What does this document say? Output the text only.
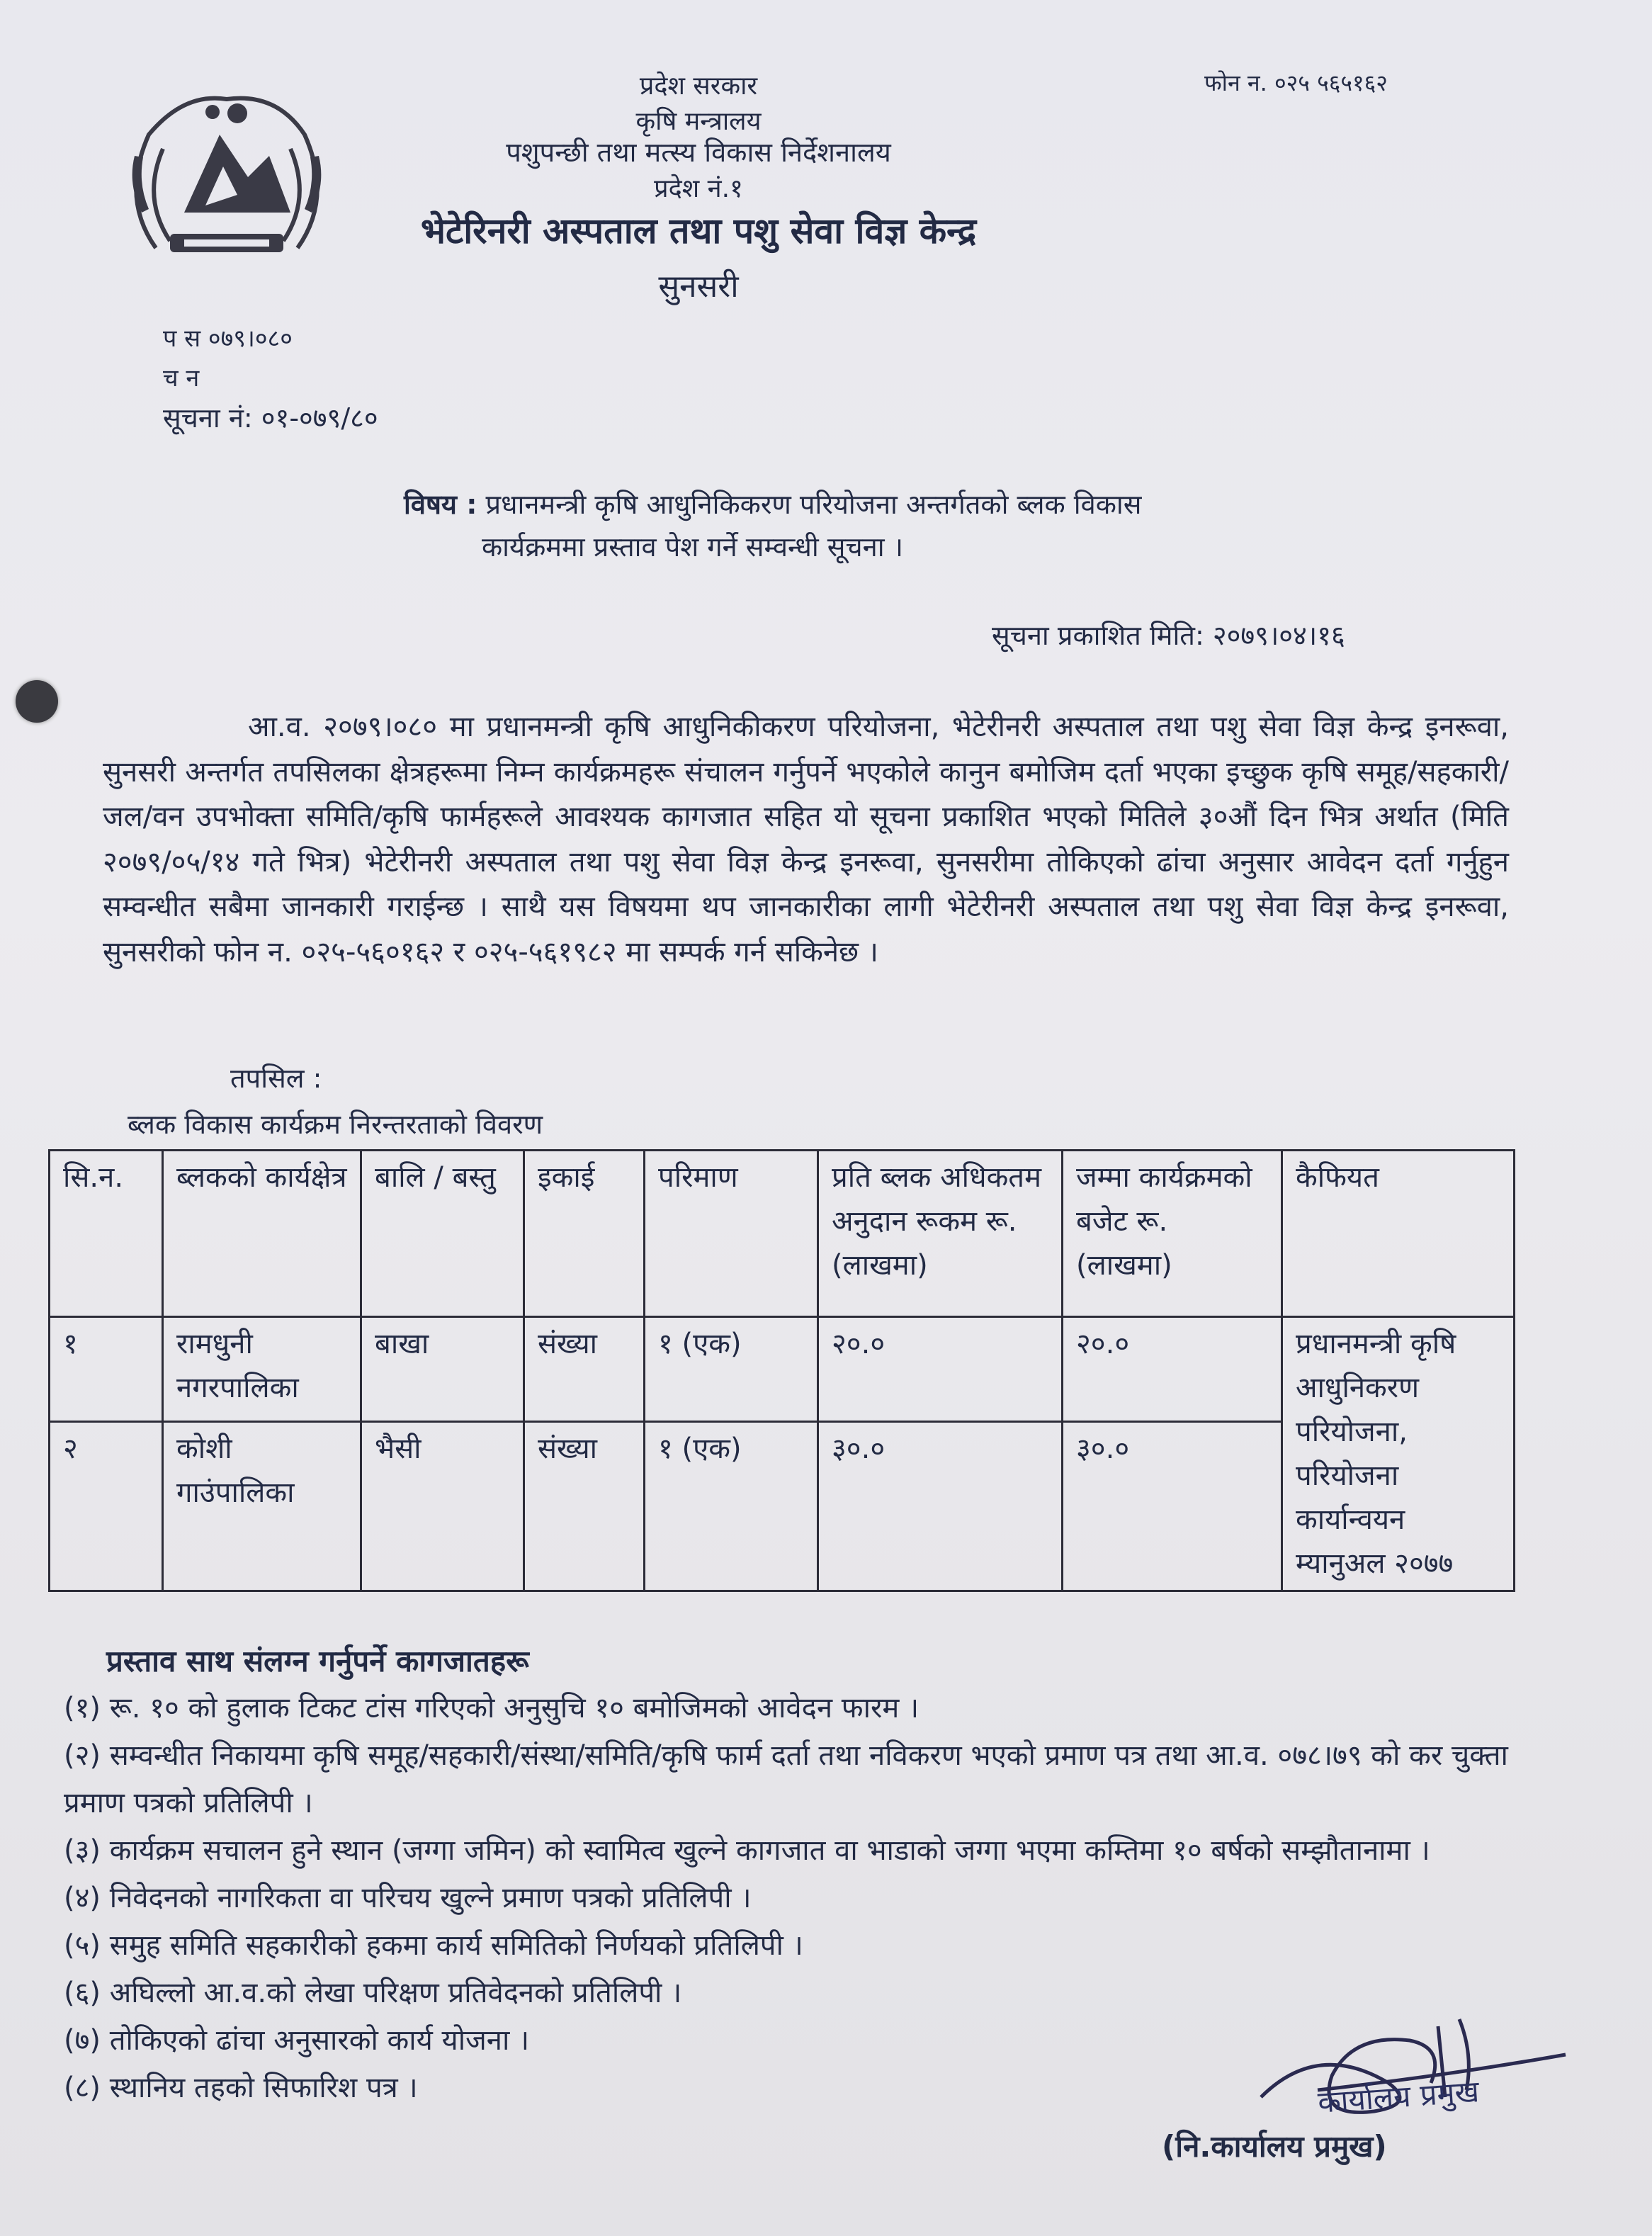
प्रदेश सरकार
कृषि मन्त्रालय
पशुपन्छी तथा मत्स्य विकास निर्देशनालय
प्रदेश नं.१
भेटेरिनरी अस्पताल तथा पशु सेवा विज्ञ केन्द्र
सुनसरी
फोन न. ०२५ ५६५१६२
प स ०७९।०८०
च न
सूचना नं: ०१-०७९/८०
विषय : प्रधानमन्त्री कृषि आधुनिकिकरण परियोजना अन्तर्गतको ब्लक विकास
कार्यक्रममा प्रस्ताव पेश गर्ने सम्वन्धी सूचना ।
सूचना प्रकाशित मिति: २०७९।०४।१६
आ.व. २०७९।०८० मा प्रधानमन्त्री कृषि आधुनिकीकरण परियोजना, भेटेरीनरी अस्पताल तथा पशु सेवा विज्ञ केन्द्र इनरूवा, सुनसरी अन्तर्गत तपसिलका क्षेत्रहरूमा निम्न कार्यक्रमहरू संचालन गर्नुपर्ने भएकोले कानुन बमोजिम दर्ता भएका इच्छुक कृषि समूह/सहकारी/जल/वन उपभोक्ता समिति/कृषि फार्महरूले आवश्यक कागजात सहित यो सूचना प्रकाशित भएको मितिले ३०औं दिन भित्र अर्थात (मिति २०७९/०५/१४ गते भित्र) भेटेरीनरी अस्पताल तथा पशु सेवा विज्ञ केन्द्र इनरूवा, सुनसरीमा तोकिएको ढांचा अनुसार आवेदन दर्ता गर्नुहुन सम्वन्धीत सबैमा जानकारी गराईन्छ । साथै यस विषयमा थप जानकारीका लागी भेटेरीनरी अस्पताल तथा पशु सेवा विज्ञ केन्द्र इनरूवा, सुनसरीको फोन न. ०२५-५६०१६२ र ०२५-५६१९८२ मा सम्पर्क गर्न सकिनेछ ।
तपसिल :
ब्लक विकास कार्यक्रम निरन्तरताको विवरण
सि.न.	ब्लकको कार्यक्षेत्र	बालि / बस्तु	इकाई	परिमाण	प्रति ब्लक अधिकतम अनुदान रूकम रू. (लाखमा)	जम्मा कार्यक्रमको बजेट रू. (लाखमा)	कैफियत
१	रामधुनी नगरपालिका	बाखा	संख्या	१ (एक)	२०.०	२०.०	प्रधानमन्त्री कृषि आधुनिकरण परियोजना, परियोजना कार्यान्वयन म्यानुअल २०७७
२	कोशी गाउंपालिका	भैसी	संख्या	१ (एक)	३०.०	३०.०	
प्रस्ताव साथ संलग्न गर्नुपर्ने कागजातहरू
(१) रू. १० को हुलाक टिकट टांस गरिएको अनुसुचि १० बमोजिमको आवेदन फारम ।
(२) सम्वन्धीत निकायमा कृषि समूह/सहकारी/संस्था/समिति/कृषि फार्म दर्ता तथा नविकरण भएको प्रमाण पत्र तथा आ.व. ०७८।७९ को कर चुक्ता प्रमाण पत्रको प्रतिलिपी ।
(३) कार्यक्रम सचालन हुने स्थान (जग्गा जमिन) को स्वामित्व खुल्ने कागजात वा भाडाको जग्गा भएमा कम्तिमा १० बर्षको सम्झौतानामा ।
(४) निवेदनको नागरिकता वा परिचय खुल्ने प्रमाण पत्रको प्रतिलिपी ।
(५) समुह समिति सहकारीको हकमा कार्य समितिको निर्णयको प्रतिलिपी ।
(६) अघिल्लो आ.व.को लेखा परिक्षण प्रतिवेदनको प्रतिलिपी ।
(७) तोकिएको ढांचा अनुसारको कार्य योजना ।
(८) स्थानिय तहको सिफारिश पत्र ।	कार्यालय प्रमुख
(नि.कार्यालय प्रमुख)
